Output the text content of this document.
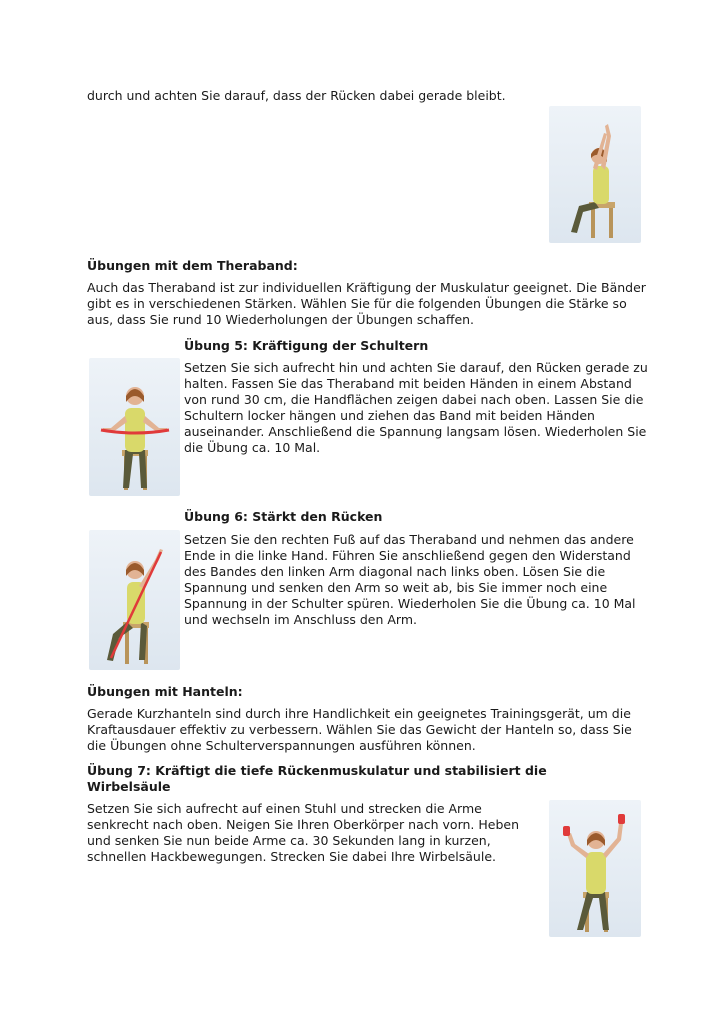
durch und achten Sie darauf, dass der Rücken dabei gerade bleibt.

Übungen mit dem Theraband:

Auch das Theraband ist zur individuellen Kräftigung der Muskulatur geeignet. Die Bänder gibt es in verschiedenen Stärken. Wählen Sie für die folgenden Übungen die Stärke so aus, dass Sie rund 10 Wiederholungen der Übungen schaffen.

Übung 5: Kräftigung der Schultern

Setzen Sie sich aufrecht hin und achten Sie darauf, den Rücken gerade zu halten. Fassen Sie das Theraband mit beiden Händen in einem Abstand von rund 30 cm, die Handflächen zeigen dabei nach oben. Lassen Sie die Schultern locker hängen und ziehen das Band mit beiden Händen auseinander. Anschließend die Spannung langsam lösen. Wiederholen Sie die Übung ca. 10 Mal.

Übung 6: Stärkt den Rücken

Setzen Sie den rechten Fuß auf das Theraband und nehmen das andere Ende in die linke Hand. Führen Sie anschließend gegen den Widerstand des Bandes den linken Arm diagonal nach links oben. Lösen Sie die Spannung und senken den Arm so weit ab, bis Sie immer noch eine Spannung in der Schulter spüren. Wiederholen Sie die Übung ca. 10 Mal und wechseln im Anschluss den Arm.

Übungen mit Hanteln:

Gerade Kurzhanteln sind durch ihre Handlichkeit ein geeignetes Trainingsgerät, um die Kraftausdauer effektiv zu verbessern. Wählen Sie das Gewicht der Hanteln so, dass Sie die Übungen ohne Schulterverspannungen ausführen können.

Übung 7: Kräftigt die tiefe Rückenmuskulatur und stabilisiert die Wirbelsäule

Setzen Sie sich aufrecht auf einen Stuhl und strecken die Arme senkrecht nach oben. Neigen Sie Ihren Oberkörper nach vorn. Heben und senken Sie nun beide Arme ca. 30 Sekunden lang in kurzen, schnellen Hackbewegungen. Strecken Sie dabei Ihre Wirbelsäule.
